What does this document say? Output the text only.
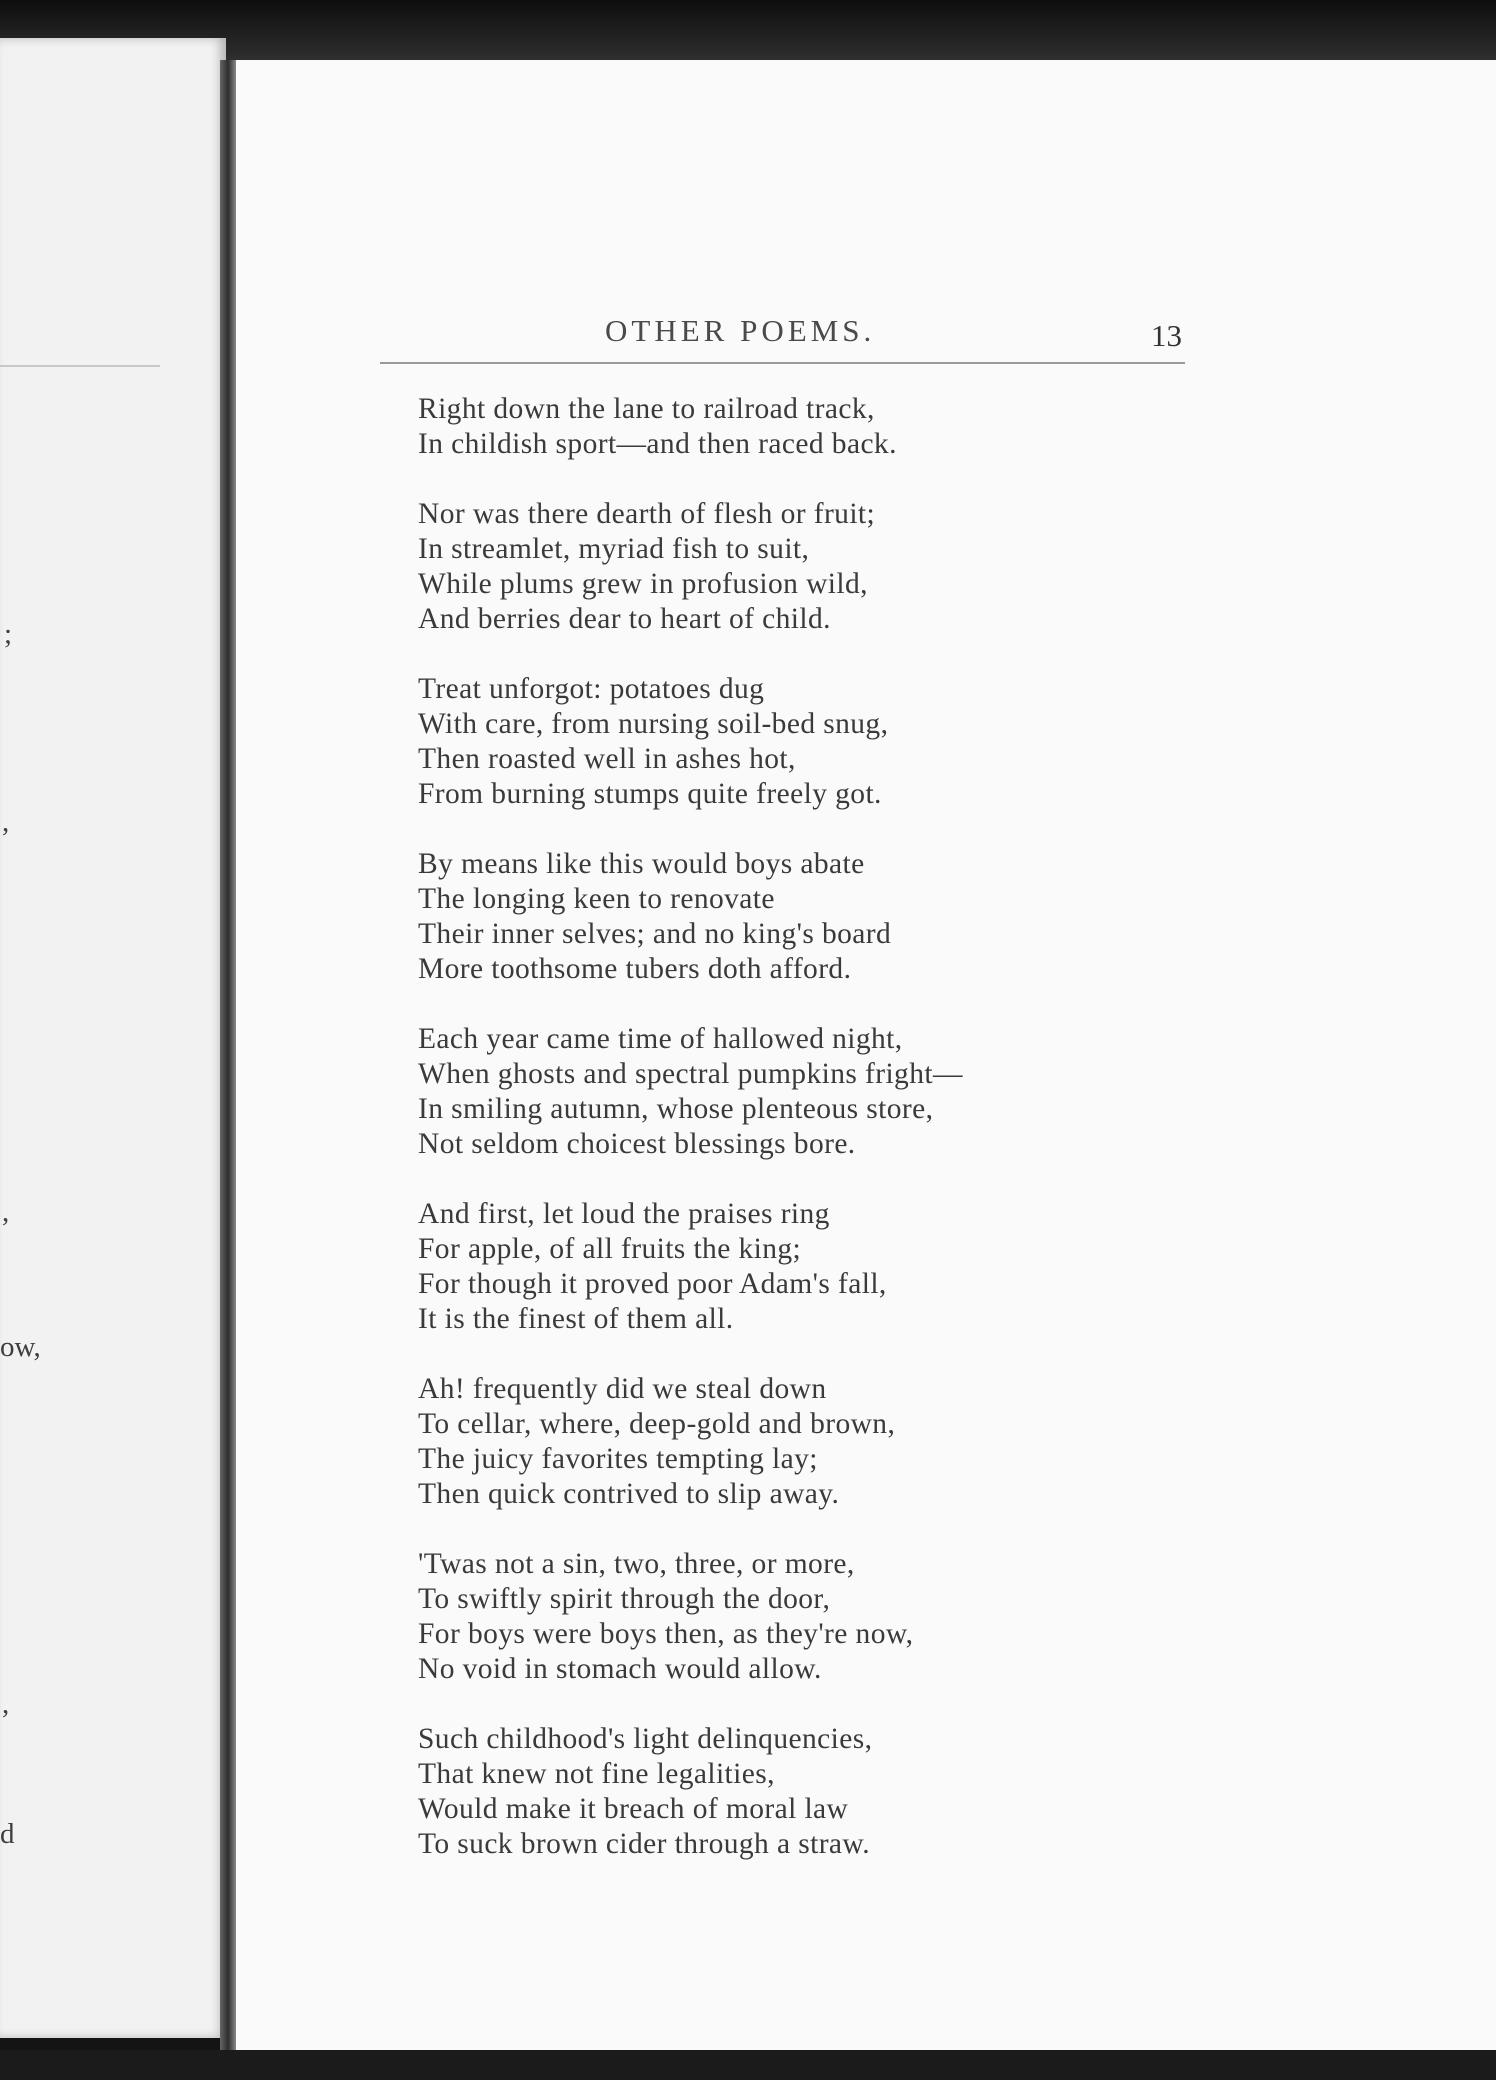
;
,
,
ow,
,
d
OTHER POEMS.	13
Right down the lane to railroad track,
In childish sport—and then raced back.
Nor was there dearth of flesh or fruit;
In streamlet, myriad fish to suit,
While plums grew in profusion wild,
And berries dear to heart of child.
Treat unforgot: potatoes dug
With care, from nursing soil-bed snug,
Then roasted well in ashes hot,
From burning stumps quite freely got.
By means like this would boys abate
The longing keen to renovate
Their inner selves; and no king's board
More toothsome tubers doth afford.
Each year came time of hallowed night,
When ghosts and spectral pumpkins fright—
In smiling autumn, whose plenteous store,
Not seldom choicest blessings bore.
And first, let loud the praises ring
For apple, of all fruits the king;
For though it proved poor Adam's fall,
It is the finest of them all.
Ah! frequently did we steal down
To cellar, where, deep-gold and brown,
The juicy favorites tempting lay;
Then quick contrived to slip away.
'Twas not a sin, two, three, or more,
To swiftly spirit through the door,
For boys were boys then, as they're now,
No void in stomach would allow.
Such childhood's light delinquencies,
That knew not fine legalities,
Would make it breach of moral law
To suck brown cider through a straw.
